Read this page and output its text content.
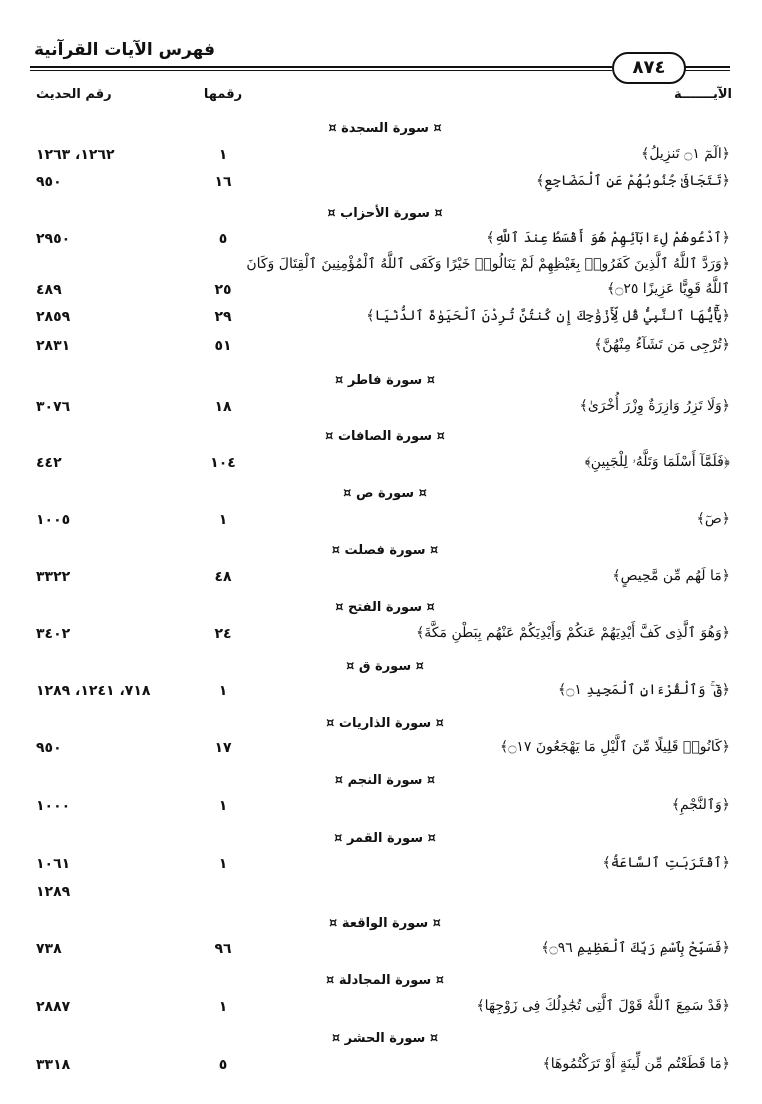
فهرس الآيات القرآنية
٨٧٤
الآيـــــــة
رقمها
رقم الحديث
¤ سورة السجدة ¤
﴿الٓمٓ ۝١ تَنزِيلُ﴾
١
١٢٦٢، ١٢٦٣
﴿تَتَجَافَىٰ جُنُوبُهُمْ عَنِ ٱلْمَضَاجِعِ﴾
١٦
٩٥٠
¤ سورة الأحزاب ¤
﴿ٱدْعُوهُمْ لِءَابَآئِهِمْ هُوَ أَقْسَطُ عِندَ ٱللَّهِ﴾
٥
٢٩٥٠
﴿وَرَدَّ ٱللَّهُ ٱلَّذِينَ كَفَرُوا۟ بِغَيْظِهِمْ لَمْ يَنَالُوا۟ خَيْرًا وَكَفَى ٱللَّهُ ٱلْمُؤْمِنِينَ ٱلْقِتَالَ وَكَانَ
ٱللَّهُ قَوِيًّا عَزِيزًا ۝٢٥﴾
٢٥
٤٨٩
﴿يَٰٓأَيُّهَا ٱلنَّبِيُّ قُل لِّأَزْوَٰجِكَ إِن كُنتُنَّ تُرِدْنَ ٱلْحَيَوٰةَ ٱلدُّنْيَا﴾
٢٩
٢٨٥٩
﴿تُرْجِى مَن تَشَآءُ مِنْهُنَّ﴾
٥١
٢٨٣١
¤ سورة فاطر ¤
﴿وَلَا تَزِرُ وَازِرَةٌ وِزْرَ أُخْرَىٰ﴾
١٨
٣٠٧٦
¤ سورة الصافات ¤
﴿فَلَمَّآ أَسْلَمَا وَتَلَّهُۥ لِلْجَبِينِ﴾
١٠٤
٤٤٢
¤ سورة ص ¤
﴿صٓ﴾
١
١٠٠٥
¤ سورة فصلت ¤
﴿مَا لَهُم مِّن مَّحِيصٍ﴾
٤٨
٣٣٢٢
¤ سورة الفتح ¤
﴿وَهُوَ ٱلَّذِى كَفَّ أَيْدِيَهُمْ عَنكُمْ وَأَيْدِيَكُمْ عَنْهُم بِبَطْنِ مَكَّةَ﴾
٢٤
٣٤٠٢
¤ سورة ق ¤
﴿قٓ ۚ وَٱلْقُرْءَانِ ٱلْمَجِيدِ ۝١﴾
١
٧١٨، ١٢٤١، ١٢٨٩
¤ سورة الذاريات ¤
﴿كَانُوا۟ قَلِيلًا مِّنَ ٱلَّيْلِ مَا يَهْجَعُونَ ۝١٧﴾
١٧
٩٥٠
¤ سورة النجم ¤
﴿وَٱلنَّجْمِ﴾
١
١٠٠٠
¤ سورة القمر ¤
﴿ٱقْتَرَبَتِ ٱلسَّاعَةُ﴾
١
١٠٦١
١٢٨٩
¤ سورة الواقعة ¤
﴿فَسَبِّحْ بِٱسْمِ رَبِّكَ ٱلْعَظِيمِ ۝٩٦﴾
٩٦
٧٣٨
¤ سورة المجادلة ¤
﴿قَدْ سَمِعَ ٱللَّهُ قَوْلَ ٱلَّتِى تُجَٰدِلُكَ فِى زَوْجِهَا﴾
١
٢٨٨٧
¤ سورة الحشر ¤
﴿مَا قَطَعْتُم مِّن لِّينَةٍ أَوْ تَرَكْتُمُوهَا﴾
٥
٣٣١٨
